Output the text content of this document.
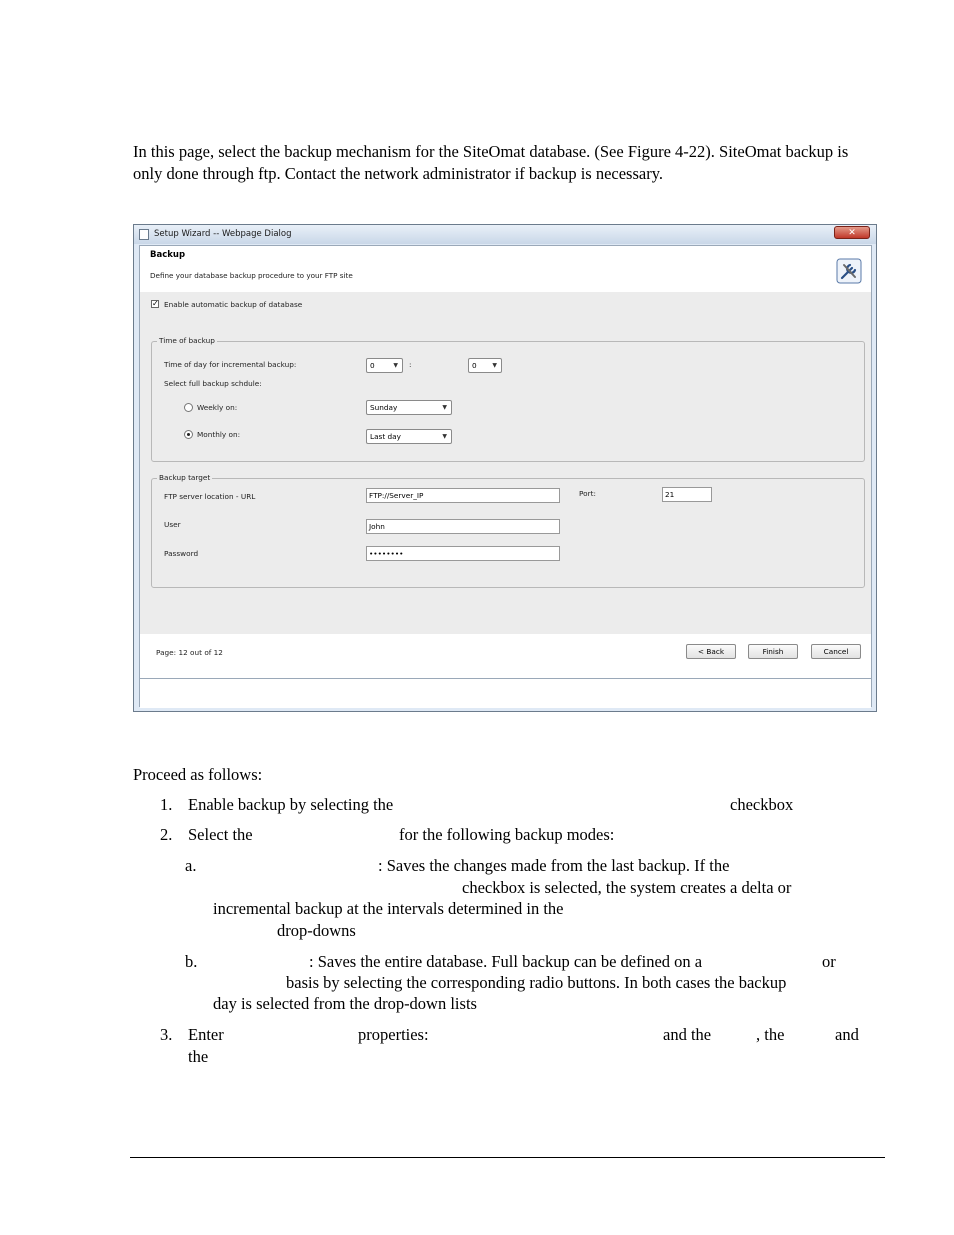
In this page, select the backup mechanism for the SiteOmat database. (See Figure 4-22). SiteOmat backup is only done through ftp. Contact the network administrator if backup is necessary.
Setup Wizard -- Webpage Dialog	✕
Backup
Define your database backup procedure to your FTP site
✓ Enable automatic backup of database
Time of backup
Time of day for incremental backup:	0	▼ :	0	▼
Select full backup schdule:
Weekly on:	Sunday	▼
Monthly on:	Last day	▼
Backup target
FTP server location - URL	FTP://Server_IP	Port:	21
User	John
Password	••••••••
Page: 12 out of 12	< Back	Finish	Cancel
Proceed as follows:
1. Enable backup by selecting the	checkbox
2. Select the	for the following backup modes:
a.	: Saves the changes made from the last backup. If the
checkbox is selected, the system creates a delta or
incremental backup at the intervals determined in the
drop-downs
b.	: Saves the entire database. Full backup can be defined on a	or
basis by selecting the corresponding radio buttons. In both cases the backup
day is selected from the drop-down lists
3. Enter	properties:	and the	, the	and
the
